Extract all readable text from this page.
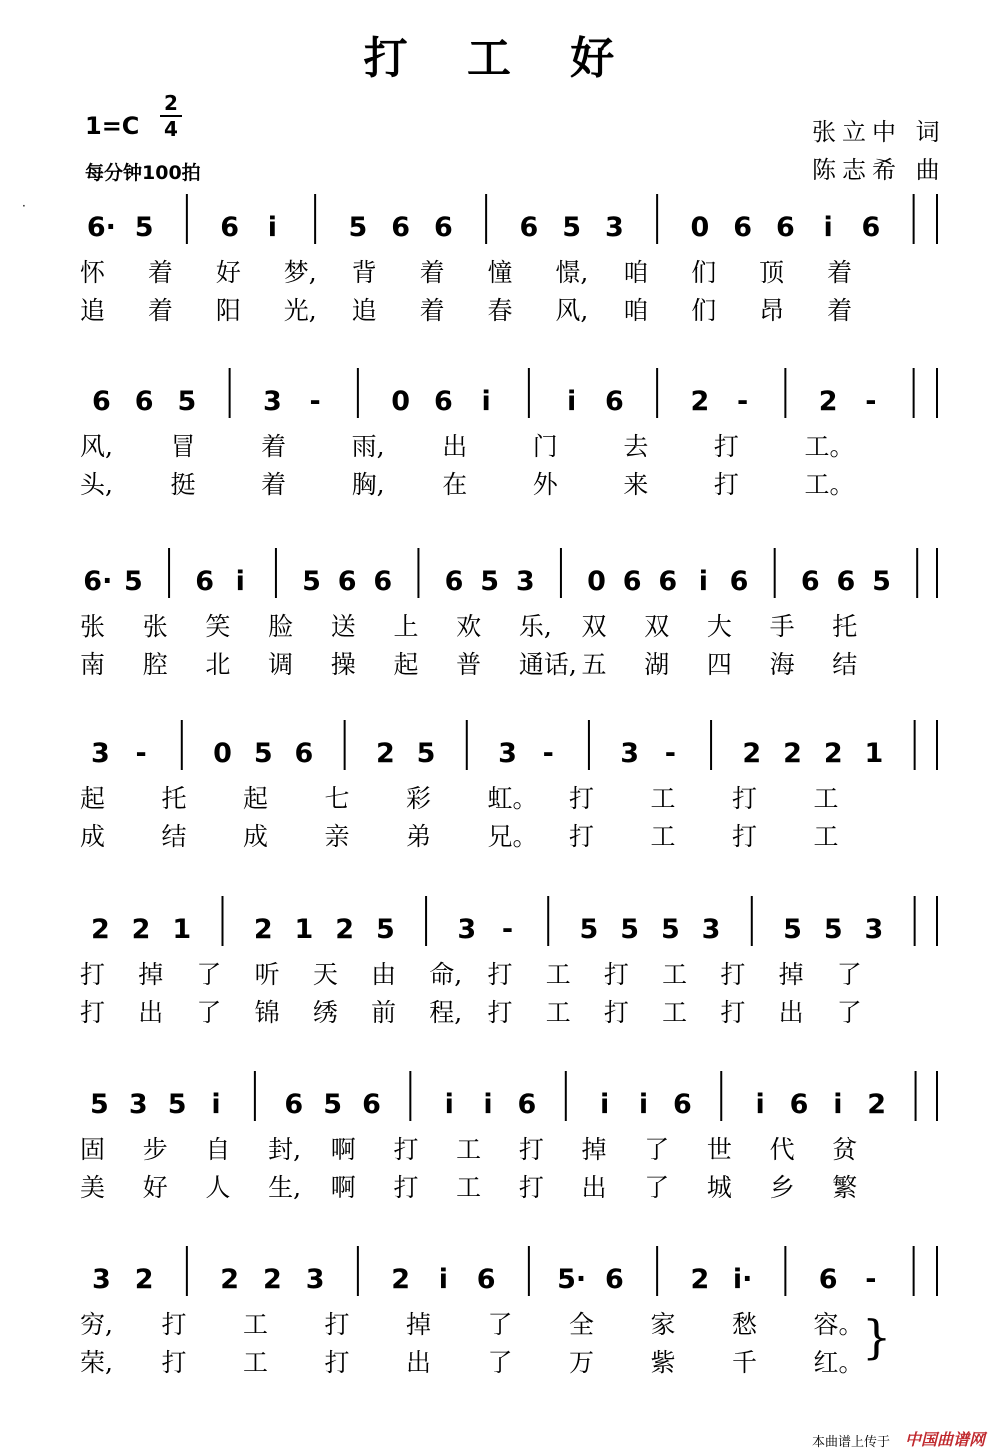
打 工 好
1=C
2
4
每分钟100拍
张立中 词
陈志希 曲
·
6· 5 6 i	5 6 6 6 5 3 0 6 6 i 6
怀 着 好 梦, 背 着 憧 憬, 咱 们 顶 着
追 着 阳 光, 追 着 春 风, 咱 们 昂 着
6 6 5 3 -	0 6 i	i 6 2 -	2 -
风, 冒	着	雨, 出	门	去	打	工。
头, 挺	着	胸, 在	外	来	打	工。
6· 5 6 i 5 6 6 6 5 3 0 6 6 i 6 6 6 5
张 张 笑 脸 送 上 欢 乐, 双 双 大 手 托
南 腔 北 调 操 起 普 通话, 五 湖 四 海 结
3 - 0 5 6 2 5 3 - 3 - 2 2 2 1
起 托 起 七 彩 虹。 打 工 打 工
成 结 成 亲 弟 兄。 打 工 打 工
2 2 1 2 1 2 5 3 - 5 5 5 3 5 5 3
打 掉 了 听 天 由 命, 打 工 打 工 打 掉 了
打 出 了 锦 绣 前 程, 打 工 打 工 打 出 了
5 3 5 i 6 5 6 i i 6 i i 6 i 6 i 2
固 步 自 封, 啊 打 工 打 掉 了 世 代 贫
美 好 人 生, 啊 打 工 打 出 了 城 乡 繁
3 2 2 2 3 2 i 6 5· 6 2 i· 6 -
穷, 打 工 打 掉 了 全 家 愁 容。
荣, 打 工 打 出 了 万 紫 千 红。
}
本曲谱上传于 中国曲谱网
